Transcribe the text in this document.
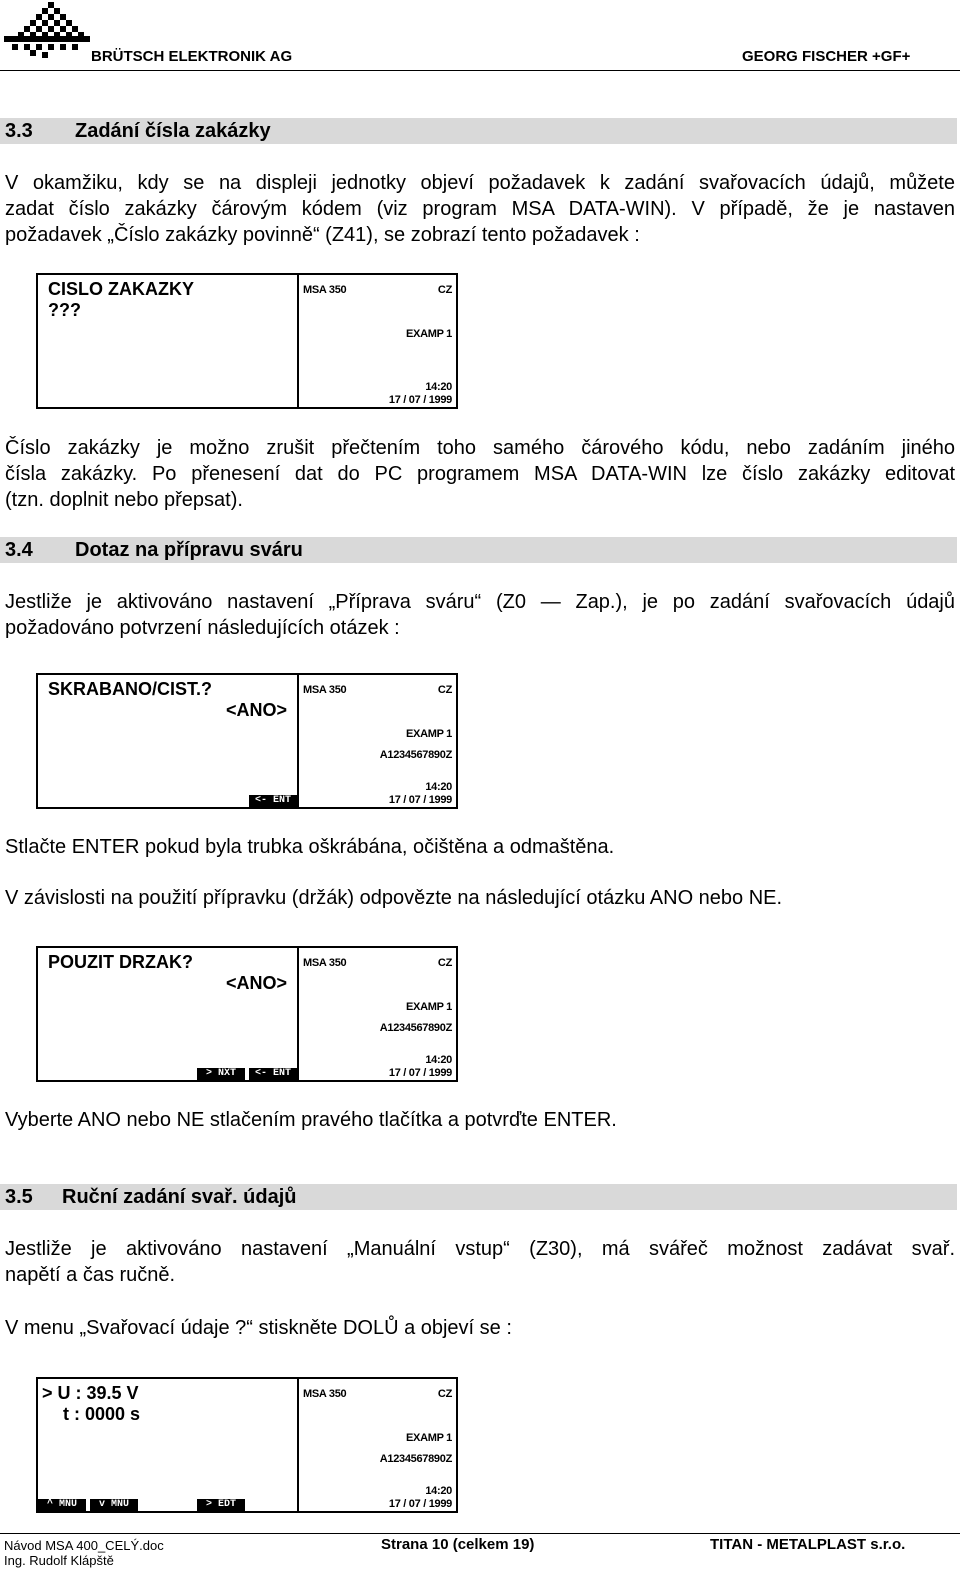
BRÜTSCH ELEKTRONIK AG	GEORG FISCHER +GF+
3.3 Zadání čísla zakázky
V okamžiku, kdy se na displeji jednotky objeví požadavek k zadání svařovacích údajů, můžete
zadat číslo zakázky čárovým kódem (viz program MSA DATA-WIN). V případě, že je nastaven
požadavek „Číslo zakázky povinně“ (Z41), se zobrazí tento požadavek :
CISLO ZAKAZKY
???
MSA 350	CZ
EXAMP 1
14:20
17 / 07 / 1999
Číslo zakázky je možno zrušit přečtením toho samého čárového kódu, nebo zadáním jiného
čísla zakázky. Po přenesení dat do PC programem MSA DATA-WIN lze číslo zakázky editovat
(tzn. doplnit nebo přepsat).
3.4 Dotaz na přípravu sváru
Jestliže je aktivováno nastavení „Příprava sváru“ (Z0 — Zap.), je po zadání svařovacích údajů
požadováno potvrzení následujících otázek :
SKRABANO/CIST.?
<ANO>
MSA 350	CZ
EXAMP 1
A1234567890Z
14:20
17 / 07 / 1999
<- ENT
Stlačte ENTER pokud byla trubka oškrábána, očištěna a odmaštěna.
V závislosti na použití přípravku (držák) odpovězte na následující otázku ANO nebo NE.
POUZIT DRZAK?
<ANO>
MSA 350	CZ
EXAMP 1
A1234567890Z
14:20
17 / 07 / 1999
> NXT	<- ENT
Vyberte ANO nebo NE stlačením pravého tlačítka a potvrďte ENTER.
3.5 Ruční zadání svař. údajů
Jestliže je aktivováno nastavení „Manuální vstup“ (Z30), má svářeč možnost zadávat svař.
napětí a čas ručně.
V menu „Svařovací údaje ?“ stiskněte DOLŮ a objeví se :
> U : 39.5 V
t : 0000 s
MSA 350	CZ
EXAMP 1
A1234567890Z
14:20
17 / 07 / 1999
^ MNU	v MNU	> EDT
Návod MSA 400_CELÝ.doc
Ing. Rudolf Klápště
Strana 10 (celkem 19)	TITAN - METALPLAST s.r.o.
